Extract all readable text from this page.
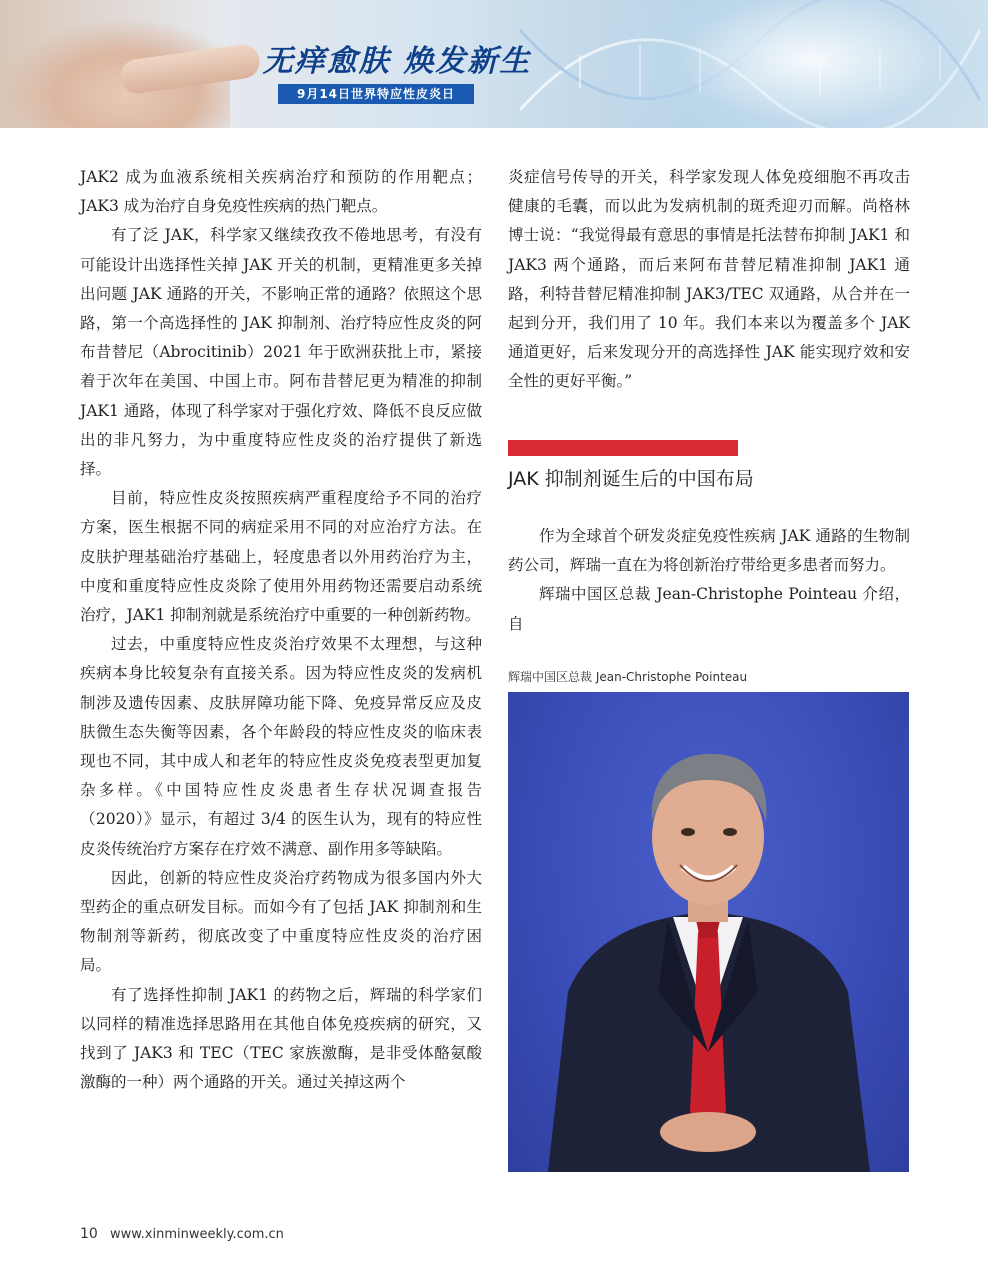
无痒愈肤 焕发新生
9月14日世界特应性皮炎日

JAK2 成为血液系统相关疾病治疗和预防的作用靶点；JAK3 成为治疗自身免疫性疾病的热门靶点。

有了泛 JAK，科学家又继续孜孜不倦地思考，有没有可能设计出选择性关掉 JAK 开关的机制，更精准更多关掉出问题 JAK 通路的开关，不影响正常的通路？依照这个思路，第一个高选择性的 JAK 抑制剂、治疗特应性皮炎的阿布昔替尼（Abrocitinib）2021 年于欧洲获批上市，紧接着于次年在美国、中国上市。阿布昔替尼更为精准的抑制 JAK1 通路，体现了科学家对于强化疗效、降低不良反应做出的非凡努力，为中重度特应性皮炎的治疗提供了新选择。

目前，特应性皮炎按照疾病严重程度给予不同的治疗方案，医生根据不同的病症采用不同的对应治疗方法。在皮肤护理基础治疗基础上，轻度患者以外用药治疗为主，中度和重度特应性皮炎除了使用外用药物还需要启动系统治疗，JAK1 抑制剂就是系统治疗中重要的一种创新药物。

过去，中重度特应性皮炎治疗效果不太理想，与这种疾病本身比较复杂有直接关系。因为特应性皮炎的发病机制涉及遗传因素、皮肤屏障功能下降、免疫异常反应及皮肤微生态失衡等因素，各个年龄段的特应性皮炎的临床表现也不同，其中成人和老年的特应性皮炎免疫表型更加复杂多样。《中国特应性皮炎患者生存状况调查报告（2020）》显示，有超过 3/4 的医生认为，现有的特应性皮炎传统治疗方案存在疗效不满意、副作用多等缺陷。

因此，创新的特应性皮炎治疗药物成为很多国内外大型药企的重点研发目标。而如今有了包括 JAK 抑制剂和生物制剂等新药，彻底改变了中重度特应性皮炎的治疗困局。

有了选择性抑制 JAK1 的药物之后，辉瑞的科学家们以同样的精准选择思路用在其他自体免疫疾病的研究，又找到了 JAK3 和 TEC（TEC 家族激酶，是非受体酪氨酸激酶的一种）两个通路的开关。通过关掉这两个

炎症信号传导的开关，科学家发现人体免疫细胞不再攻击健康的毛囊，而以此为发病机制的斑秃迎刃而解。尚格林博士说：“我觉得最有意思的事情是托法替布抑制 JAK1 和 JAK3 两个通路，而后来阿布昔替尼精准抑制 JAK1 通路，利特昔替尼精准抑制 JAK3/TEC 双通路，从合并在一起到分开，我们用了 10 年。我们本来以为覆盖多个 JAK 通道更好，后来发现分开的高选择性 JAK 能实现疗效和安全性的更好平衡。”

JAK 抑制剂诞生后的中国布局

作为全球首个研发炎症免疫性疾病 JAK 通路的生物制药公司，辉瑞一直在为将创新治疗带给更多患者而努力。

辉瑞中国区总裁 Jean-Christophe Pointeau 介绍，自

辉瑞中国区总裁 Jean-Christophe Pointeau
10 www.xinminweekly.com.cn
